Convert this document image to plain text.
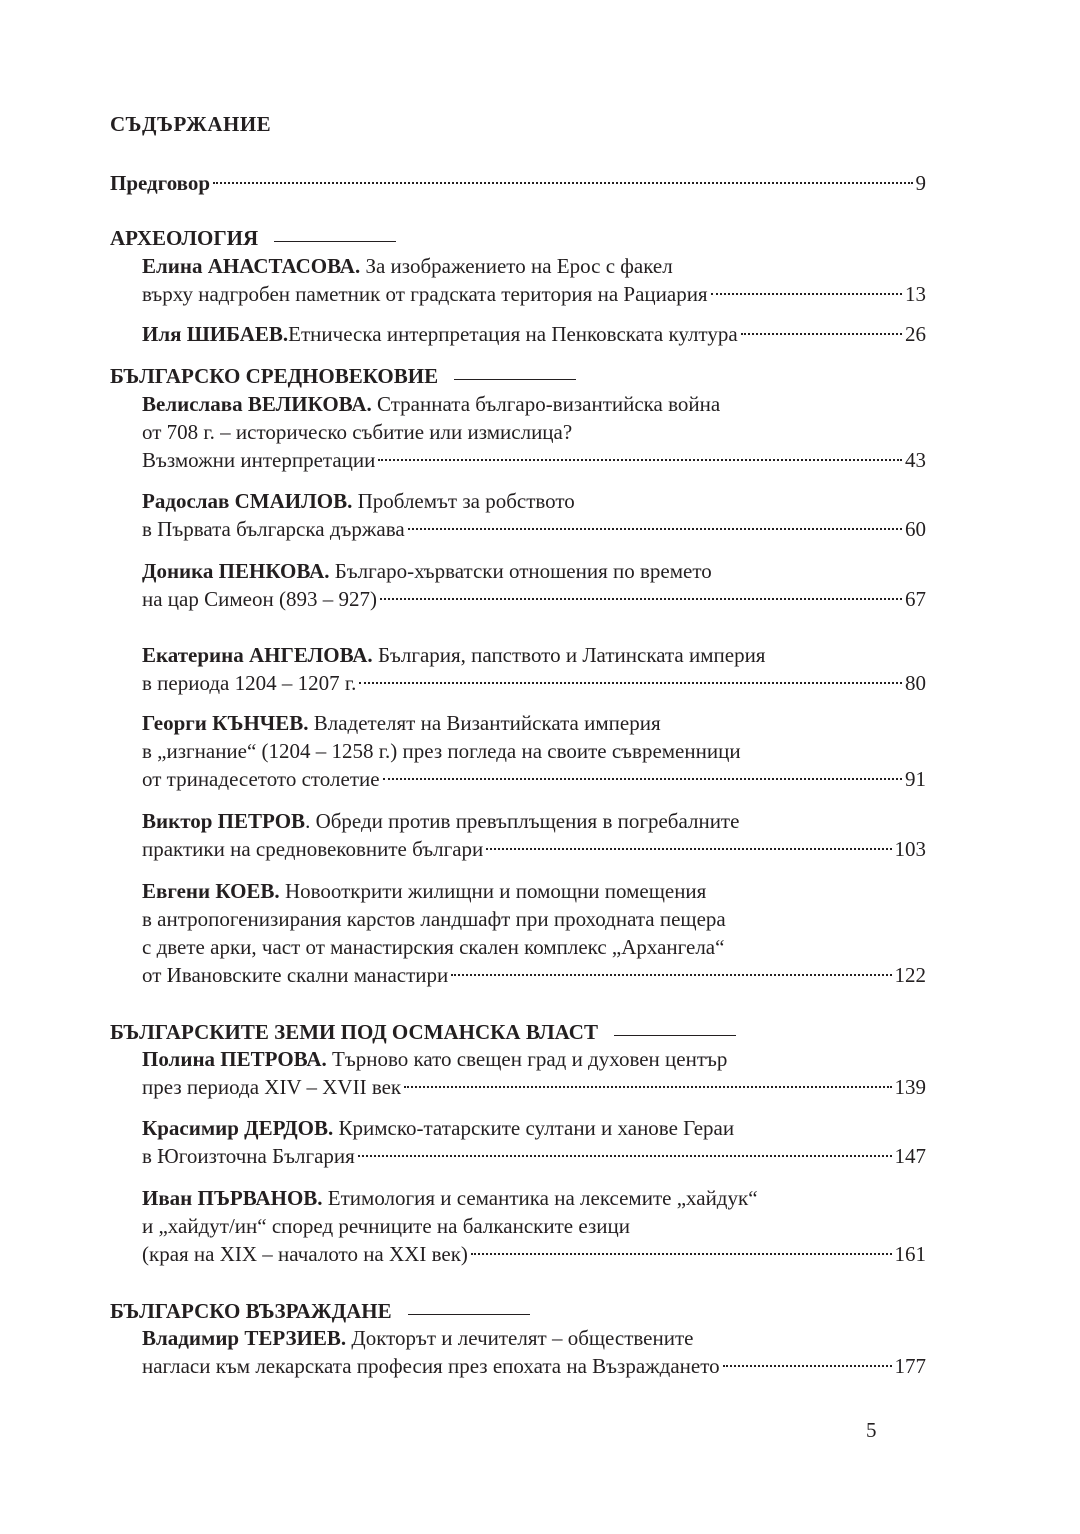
СЪДЪРЖАНИЕ
Предговор	9
АРХЕОЛОГИЯ
Елина АНАСТАСОВА. За изображението на Ерос с факел
върху надгробен паметник от градската територия на Рациария	13
Иля ШИБАЕВ. Етническа интерпретация на Пенковската култура	26
БЪЛГАРСКО СРЕДНОВЕКОВИЕ
Велислава ВЕЛИКОВА. Странната българо-византийска война
от 708 г. – историческо събитие или измислица?
Възможни интерпретации	43
Радослав СМАИЛОВ. Проблемът за робството
в Първата българска държава	60
Доника ПЕНКОВА. Българо-хърватски отношения по времето
на цар Симеон (893 – 927)	67
Екатерина АНГЕЛОВА. България, папството и Латинската империя
в периода 1204 – 1207 г.	80
Георги КЪНЧЕВ. Владетелят на Византийската империя
в „изгнание“ (1204 – 1258 г.) през погледа на своите съвременници
от тринадесетото столетие	91
Виктор ПЕТРОВ. Обреди против превъплъщения в погребалните
практики на средновековните българи	103
Евгени КОЕВ. Новооткрити жилищни и помощни помещения
в антропогенизирания карстов ландшафт при проходната пещера
с двете арки, част от манастирския скален комплекс „Архангела“
от Ивановските скални манастири	122
БЪЛГАРСКИТЕ ЗЕМИ ПОД ОСМАНСКА ВЛАСТ
Полина ПЕТРОВА. Търново като свещен град и духовен център
през периода XIV – XVII век	139
Красимир ДЕРДОВ. Кримско-татарските султани и ханове Гераи
в Югоизточна България	147
Иван ПЪРВАНОВ. Етимология и семантика на лексемите „хайдук“
и „хайдут/ин“ според речниците на балканските езици
(края на XIX – началото на XXI век)	161
БЪЛГАРСКО ВЪЗРАЖДАНЕ
Владимир ТЕРЗИЕВ. Докторът и лечителят – обществените
нагласи към лекарската професия през епохата на Възраждането	177
5
